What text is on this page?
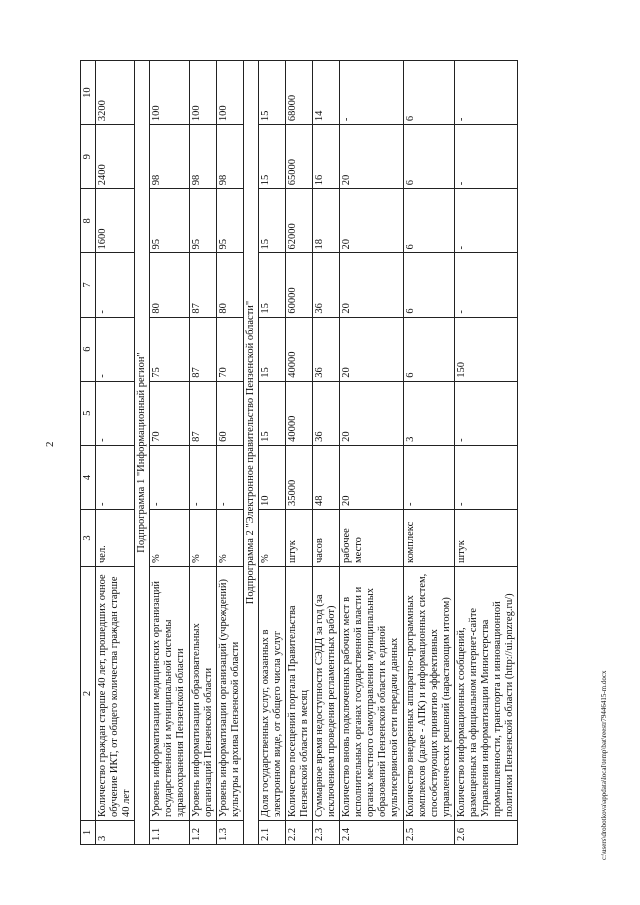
2
1	2	3	4	5	6	7	8	9	10
3	Количество граждан старше 40 лет, прошедших очное обучение ИКТ, от общего количества граждан старше 40 лет	чел.	-	-	-	-	1600	2400	3200
Подпрограмма 1 "Информационный регион"									
1.1	Уровень информатизации медицинских организаций государственной и муниципальной системы здравоохранения Пензенской области	%	-	70	75	80	95	98	100
1.2	Уровень информатизации образовательных организаций Пензенской области	%	-	87	87	87	95	98	100
1.3	Уровень информатизации организаций (учреждений) культуры и архива Пензенской области	%	-	60	70	80	95	98	100
Подпрограмма 2 "Электронное правительство Пензенской области"									
2.1	Доля государственных услуг, оказанных в электронном виде, от общего числа услуг	%	10	15	15	15	15	15	15
2.2	Количество посещений портала Правительства Пензенской области в месяц	штук	35000	40000	40000	60000	62000	65000	68000
2.3	Суммарное время недоступности СЭДД за год (за исключением проведения регламентных работ)	часов	48	36	36	36	18	16	14
2.4	Количество вновь подключенных рабочих мест в исполнительных органах государственной власти и органах местного самоуправления муниципальных образований Пензенской области к единой мультисервисной сети передачи данных	рабочее место	20	20	20	20	20	20	-
2.5	Количество внедренных аппаратно-программных комплексов (далее - АПК) и информационных систем, способствующих принятию эффективных управленческих решений (нарастающим итогом)	комплекс	-	3	6	6	6	6	6
2.6	Количество информационных сообщений, размещенных на официальном интернет-сайте Управления информатизации Министерства промышленности, транспорта и инновационной политики Пензенской области (http://ui.pnzreg.ru/)	штук	-	-	150	-	-	-	-
c:\users\drobotkova\appdata\local\temp\bat\reestr79446415-m.docx
